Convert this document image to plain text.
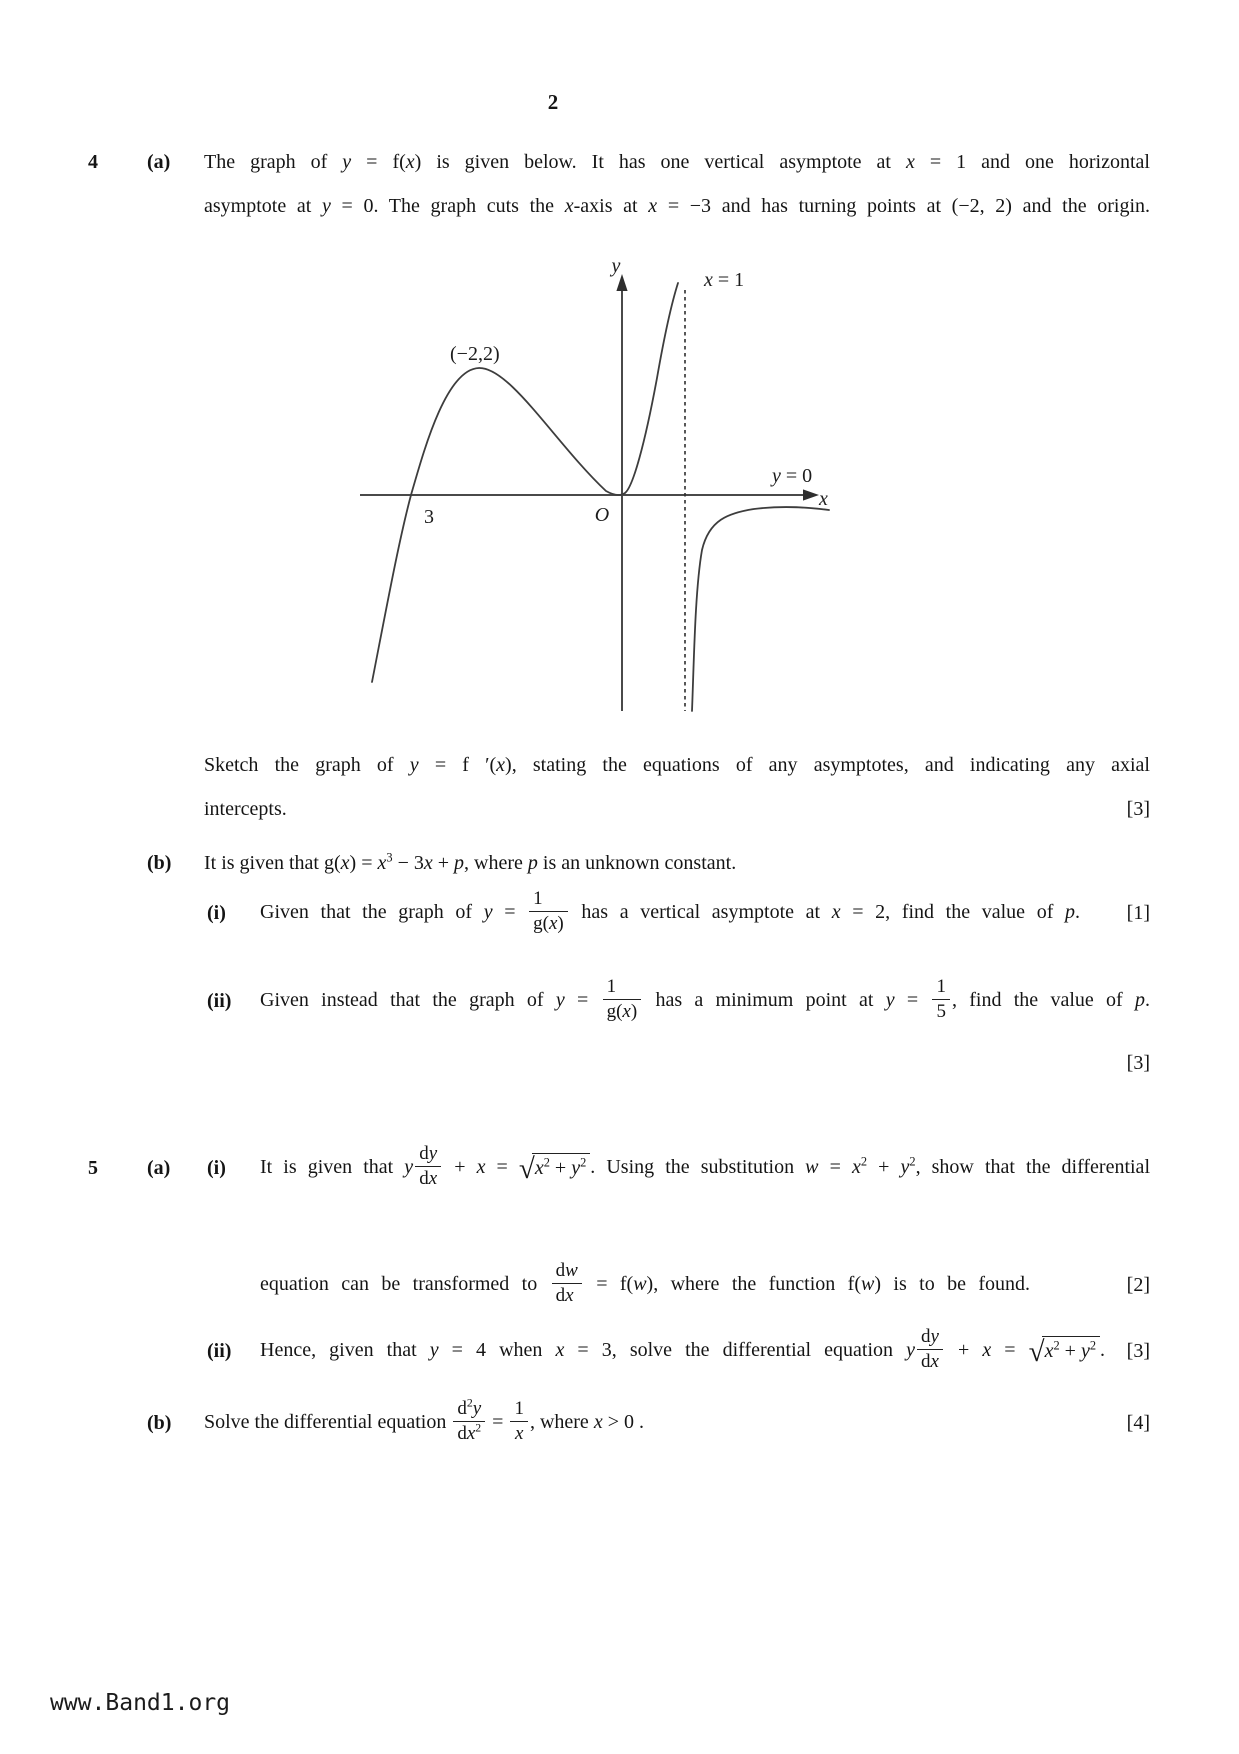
2
4 (a) The graph of y = f(x) is given below. It has one vertical asymptote at x = 1 and one horizontal
asymptote at y = 0. The graph cuts the x-axis at x = −3 and has turning points at (−2, 2) and the origin.
Sketch the graph of y = f ′(x), stating the equations of any asymptotes, and indicating any axial
intercepts.	[3]
(b) It is given that $g(x) = x^3 - 3x + p$, where p is an unknown constant.
(i) Given that the graph of $y = \frac{1}{g(x)}$ has a vertical asymptote at x = 2, find the value of p.	[1]
(ii) Given instead that the graph of $y = \frac{1}{g(x)}$ has a minimum point at $y = \frac{1}{5}$ , find the value of p.
[3]
5 (a) (i) It is given that y $\frac{dy}{dx} + x$ = √ $x^2 + y^2$ . Using the substitution $w = x^2 + y^2$, show that the differential
equation can be transformed to $\frac{dw}{dx} = f(w)$, where the function f(w) is to be found.	[2]
(ii) Hence, given that y = 4 when x = 3, solve the differential equation y $\frac{dy}{dx} + x$ = √ $x^2 + y^2$ .	[3]
(b) Solve the differential equation $\frac{d^2y}{dx^2} = \frac{1}{x}$ , where x > 0 .	[4]
y
x
x = 1
y = 0
O
3
(−2,2)
www.Band1.org
